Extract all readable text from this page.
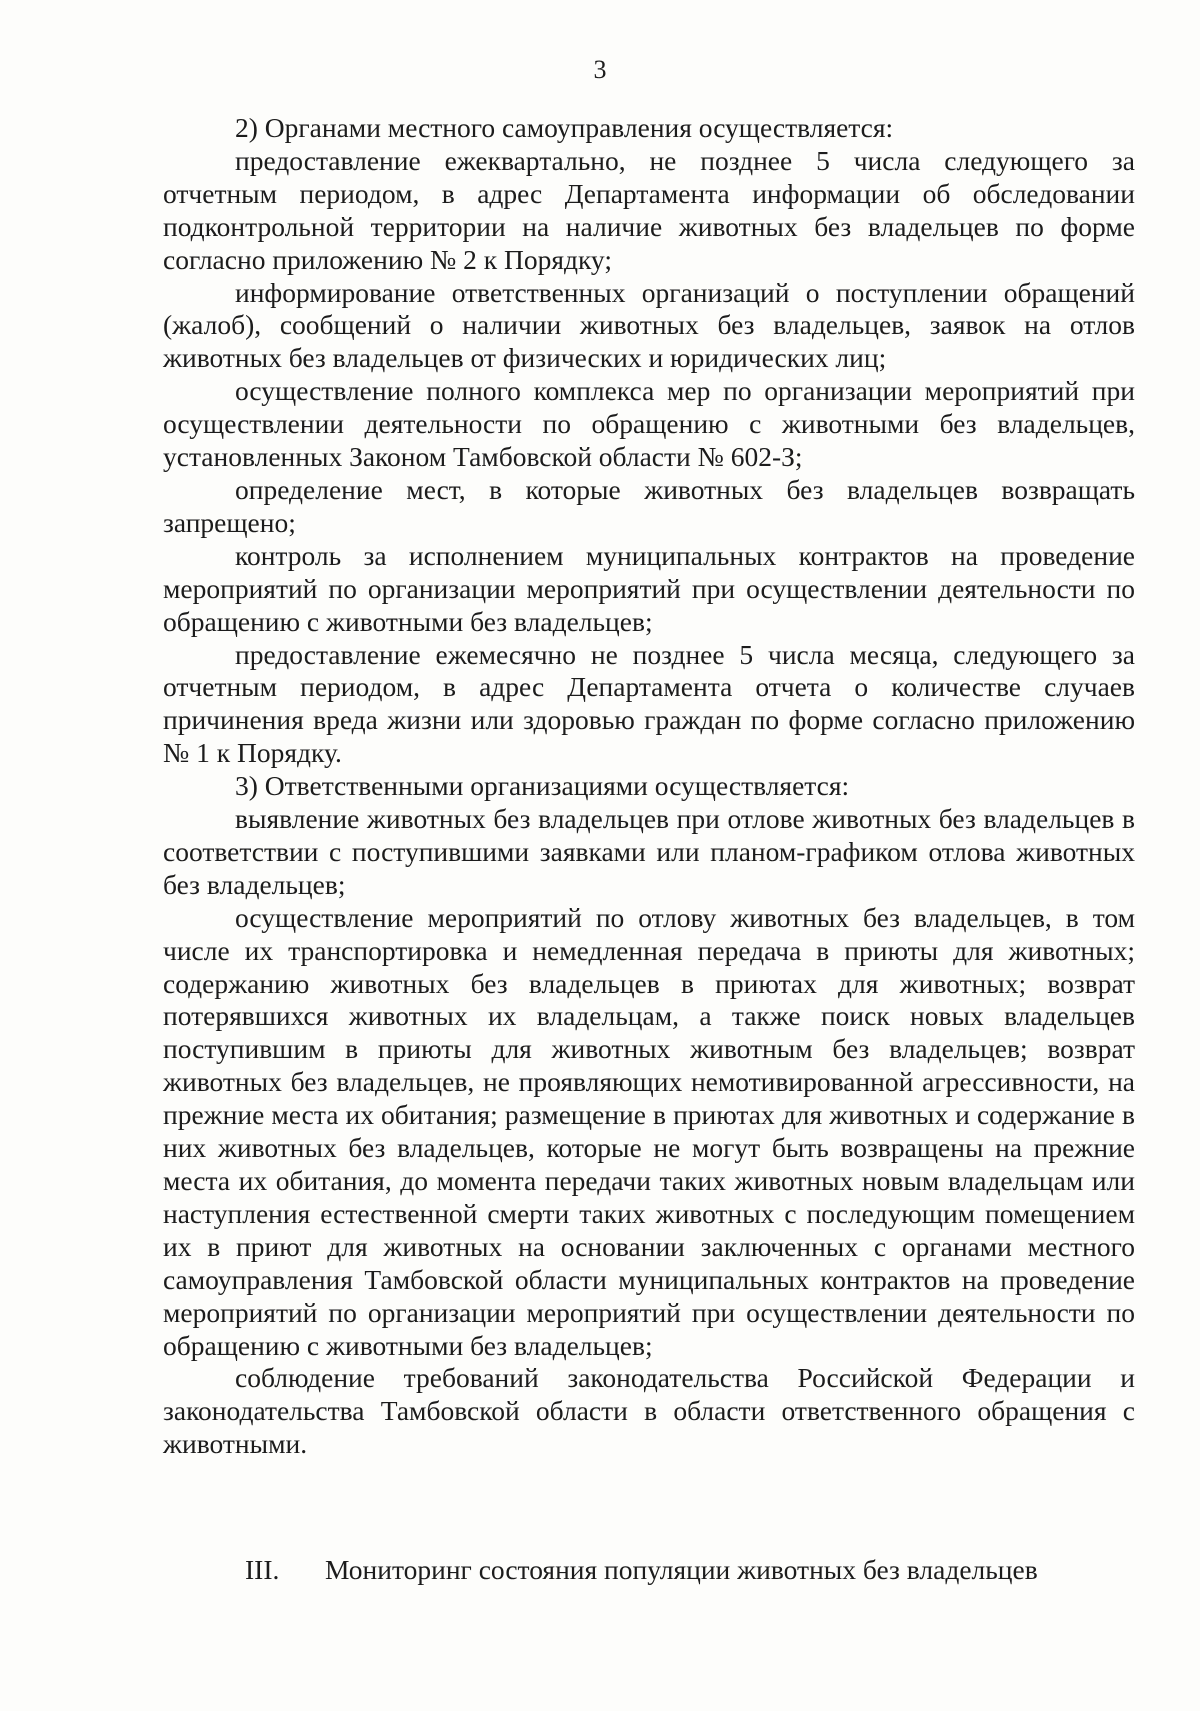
3

2) Органами местного самоуправления осуществляется:

предоставление ежеквартально, не позднее 5 числа следующего за отчетным периодом, в адрес Департамента информации об обследовании подконтрольной территории на наличие животных без владельцев по форме согласно приложению № 2 к Порядку;

информирование ответственных организаций о поступлении обращений (жалоб), сообщений о наличии животных без владельцев, заявок на отлов животных без владельцев от физических и юридических лиц;

осуществление полного комплекса мер по организации мероприятий при осуществлении деятельности по обращению с животными без владельцев, установленных Законом Тамбовской области № 602-З;

определение мест, в которые животных без владельцев возвращать запрещено;

контроль за исполнением муниципальных контрактов на проведение мероприятий по организации мероприятий при осуществлении деятельности по обращению с животными без владельцев;

предоставление ежемесячно не позднее 5 числа месяца, следующего за отчетным периодом, в адрес Департамента отчета о количестве случаев причинения вреда жизни или здоровью граждан по форме согласно приложению № 1 к Порядку.

3) Ответственными организациями осуществляется:

выявление животных без владельцев при отлове животных без владельцев в соответствии с поступившими заявками или планом-графиком отлова животных без владельцев;

осуществление мероприятий по отлову животных без владельцев, в том числе их транспортировка и немедленная передача в приюты для животных; содержанию животных без владельцев в приютах для животных; возврат потерявшихся животных их владельцам, а также поиск новых владельцев поступившим в приюты для животных животным без владельцев; возврат животных без владельцев, не проявляющих немотивированной агрессивности, на прежние места их обитания; размещение в приютах для животных и содержание в них животных без владельцев, которые не могут быть возвращены на прежние места их обитания, до момента передачи таких животных новым владельцам или наступления естественной смерти таких животных с последующим помещением их в приют для животных на основании заключенных с органами местного самоуправления Тамбовской области муниципальных контрактов на проведение мероприятий по организации мероприятий при осуществлении деятельности по обращению с животными без владельцев;

соблюдение требований законодательства Российской Федерации и законодательства Тамбовской области в области ответственного обращения с животными.

III. Мониторинг состояния популяции животных без владельцев
